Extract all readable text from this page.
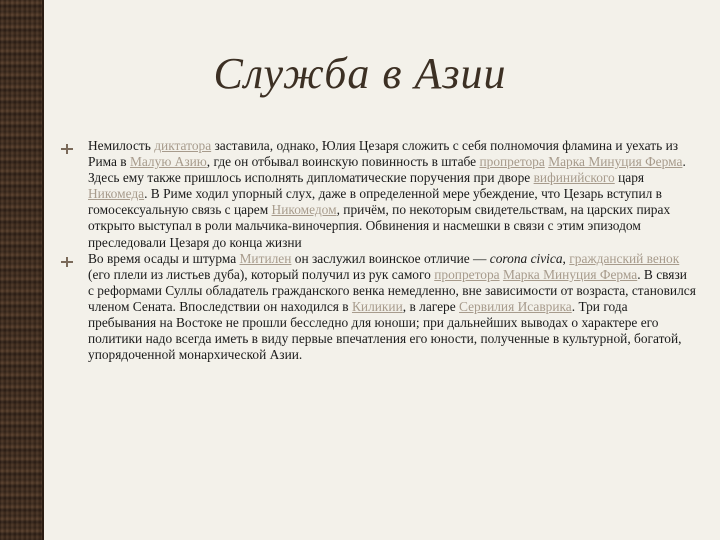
Служба в Азии

Немилость диктатора заставила, однако, Юлия Цезаря сложить с себя полномочия фламина и уехать из Рима в Малую Азию, где он отбывал воинскую повинность в штабе пропретора Марка Минуция Ферма. Здесь ему также пришлось исполнять дипломатические поручения при дворе вифинийского царя Никомеда. В Риме ходил упорный слух, даже в определенной мере убеждение, что Цезарь вступил в гомосексуальную связь с царем Никомедом, причём, по некоторым свидетельствам, на царских пирах открыто выступал в роли мальчика-виночерпия. Обвинения и насмешки в связи с этим эпизодом преследовали Цезаря до конца жизни

Во время осады и штурма Митилен он заслужил воинское отличие — corona civica, гражданский венок (его плели из листьев дуба), который получил из рук самого пропретора Марка Минуция Ферма. В связи с реформами Суллы обладатель гражданского венка немедленно, вне зависимости от возраста, становился членом Сената. Впоследствии он находился в Киликии, в лагере Сервилия Исаврика. Три года пребывания на Востоке не прошли бесследно для юноши; при дальнейших выводах о характере его политики надо всегда иметь в виду первые впечатления его юности, полученные в культурной, богатой, упорядоченной монархической Азии.
